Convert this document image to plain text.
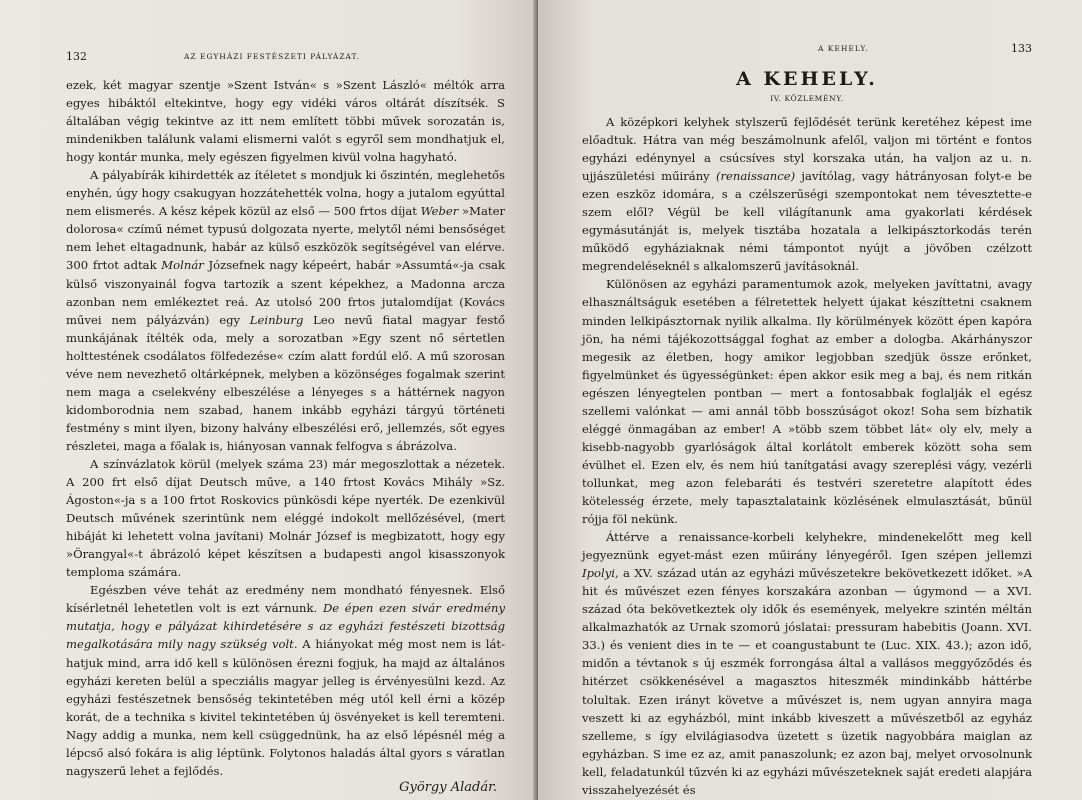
132	AZ EGYHÁZI FESTÉSZETI PÁLYÁZAT.

ezek, két magyar szentje »Szent István« s »Szent László« méltók arra egyes hibáktól eltekintve, hogy egy vidéki város oltárát díszítsék. S általában végig tekintve az itt nem említett többi művek sorozatán is, mindenikben találunk valami elismerni valót s egyről sem mondhatjuk el, hogy kontár munka, mely egészen figyelmen kivül volna hagyható.

A pályabírák kihirdették az ítéletet s mondjuk ki őszintén, meglehetős enyhén, úgy hogy csakugyan hozzátehették volna, hogy a jutalom egyúttal nem elismerés. A kész képek közül az első — 500 frtos díjat Weber »Mater dolorosa« czímű német typusú dolgozata nyerte, melytől némi bensőséget nem lehet eltagadnunk, habár az külső eszközök segítségével van elérve. 300 frtot adtak Molnár Józsefnek nagy képeért, habár »Assumtá«-ja csak külső viszonyainál fogva tartozik a szent képekhez, a Madonna arcza azonban nem emlékeztet reá. Az utolsó 200 frtos jutalomdíjat (Kovács művei nem pályázván) egy Leinburg Leo nevű fiatal magyar festő munkájának ítélték oda, mely a sorozatban »Egy szent nő sértetlen holttestének csodálatos fölfedezése« czím alatt fordúl elő. A mű szorosan véve nem nevezhető oltárképnek, melyben a közönséges fogalmak szerint nem maga a cselekvény elbeszélése a lényeges s a háttérnek nagyon kidomborodnia nem szabad, hanem inkább egyházi tárgyú történeti festmény s mint ilyen, bizony halvány elbeszélési erő, jellemzés, sőt egyes részletei, maga a főalak is, hiányosan vannak felfogva s ábrázolva.

A színvázlatok körül (melyek száma 23) már megoszlottak a nézetek. A 200 frt első díjat Deutsch műve, a 140 frtost Kovács Mihály »Sz. Ágoston«-ja s a 100 frtot Roskovics pünkösdi képe nyerték. De ezenkivül Deutsch művének szerintünk nem eléggé indokolt mellőzésével, (mert hibáját ki lehetett volna javítani) Molnár József is megbizatott, hogy egy »Örangyal«-t ábrázoló képet készítsen a budapesti angol kisasszonyok temploma számára.

Egészben véve tehát az eredmény nem mondható fényesnek. Első kísérletnél lehetetlen volt is ezt várnunk. De épen ezen sivár eredmény mutatja, hogy e pályázat kihirdetésére s az egyházi festészeti bizottság megalkotására mily nagy szükség volt. A hiányokat még most nem is láthatjuk mind, arra idő kell s különösen érezni fogjuk, ha majd az általános egyházi kereten belül a specziális magyar jelleg is érvényesülni kezd. Az egyházi festészetnek bensőség tekintetében még utól kell érni a közép korát, de a technika s kivitel tekintetében új ösvényeket is kell teremteni. Nagy addig a munka, nem kell csüggednünk, ha az első lépésnél még a lépcső alsó fokára is alig léptünk. Folytonos haladás által gyors s váratlan nagyszerű lehet a fejlődés.

György Aladár.
A KEHELY.	133
A KEHELY.
IV. KÖZLEMÉNY.

A középkori kelyhek stylszerű fejlődését terünk keretéhez képest ime előadtuk. Hátra van még beszámolnunk afelől, valjon mi történt e fontos egyházi edénynyel a csúcsíves styl korszaka után, ha valjon az u. n. ujjászületési műirány (renaissance) javítólag, vagy hátrányosan folyt-e be ezen eszköz idomára, s a czélszerűségi szempontokat nem tévesztette-e szem elől? Végül be kell világítanunk ama gyakorlati kérdések egymásutánját is, melyek tisztába hozatala a lelkipásztorkodás terén működő egyháziaknak némi támpontot nyújt a jövőben czélzott megrendeléseknél s alkalomszerű javításoknál.

Különösen az egyházi paramentumok azok, melyeken javíttatni, avagy elhasználtságuk esetében a félretettek helyett újakat készíttetni csaknem minden lelkipásztornak nyilik alkalma. Ily körülmények között épen kapóra jön, ha némi tájékozottsággal foghat az ember a dologba. Akárhányszor megesik az életben, hogy amikor legjobban szedjük össze erőnket, figyelmünket és ügyességünket: épen akkor esik meg a baj, és nem ritkán egészen lényegtelen pontban — mert a fontosabbak foglalják el egész szellemi valónkat — ami annál több bosszúságot okoz! Soha sem bízhatik eléggé önmagában az ember! A »több szem többet lát« oly elv, mely a kisebb-nagyobb gyarlóságok által korlátolt emberek között soha sem évülhet el. Ezen elv, és nem hiú tanítgatási avagy szereplési vágy, vezérli tollunkat, meg azon felebaráti és testvéri szeretetre alapított édes kötelesség érzete, mely tapasztalataink közlésének elmulasztását, bűnül rójja föl nekünk.

Áttérve a renaissance-korbeli kelyhekre, mindenekelőtt meg kell jegyeznünk egyet-mást ezen műirány lényegéről. Igen szépen jellemzi Ipolyi, a XV. század után az egyházi művészetekre bekövetkezett időket. »A hit és művészet ezen fényes korszakára azonban — úgymond — a XVI. század óta bekövetkeztek oly idők és események, melyekre szintén méltán alkalmazhatók az Urnak szomorú jóslatai: pressuram habebitis (Joann. XVI. 33.) és venient dies in te — et coangustabunt te (Luc. XIX. 43.); azon idő, midőn a tévtanok s új eszmék forrongása által a vallásos meggyőződés és hitérzet csökkenésével a magasztos hiteszmék mindinkább háttérbe tolultak. Ezen irányt követve a művészet is, nem ugyan annyira maga veszett ki az egyházból, mint inkább kiveszett a művészetből az egyház szelleme, s így elvilágiasodva üzetett s üzetik nagyobbára maiglan az egyházban. S ime ez az, amit panaszolunk; ez azon baj, melyet orvosolnunk kell, feladatunkúl tűzvén ki az egyházi művészeteknek saját eredeti alapjára visszahelyezését és
